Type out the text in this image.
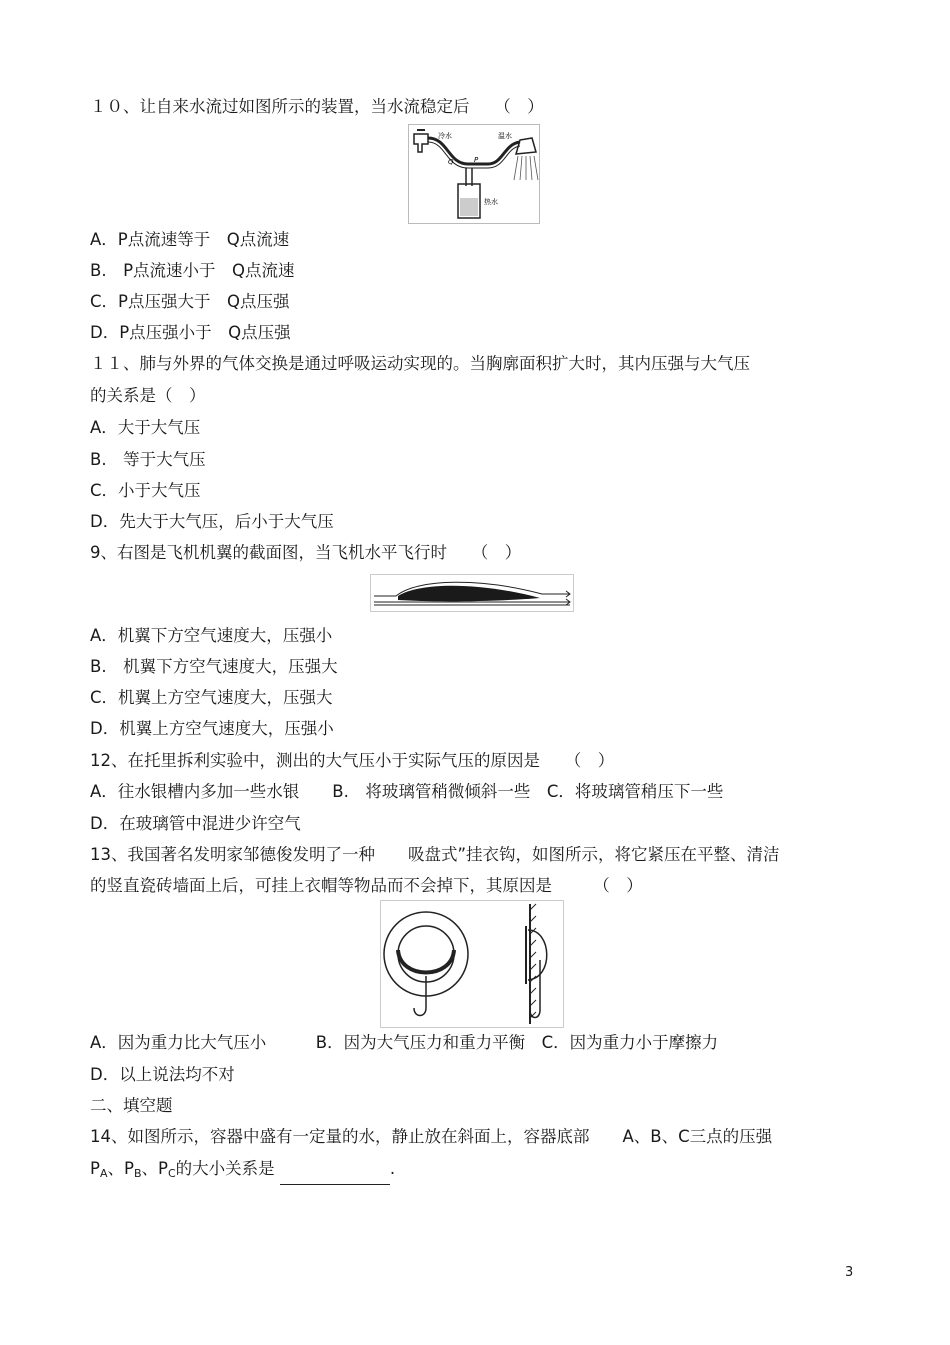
１０、让自来水流过如图所示的装置，当水流稳定后　　（　）
冷水	温水
热水
P
Q
A．P点流速等于　Q点流速
B.　P点流速小于　Q点流速
C．P点压强大于　Q点压强
D．P点压强小于　Q点压强
１１、肺与外界的气体交换是通过呼吸运动实现的。当胸廓面积扩大时，其内压强与大气压
的关系是（　）
A．大于大气压
B.　等于大气压
C．小于大气压
D．先大于大气压，后小于大气压
9、右图是飞机机翼的截面图，当飞机水平飞行时　　（　）
A．机翼下方空气速度大，压强小
B.　机翼下方空气速度大，压强大
C．机翼上方空气速度大，压强大
D．机翼上方空气速度大，压强小
12、在托里拆利实验中，测出的大气压小于实际气压的原因是　　（　）
A．往水银槽内多加一些水银　　B.　将玻璃管稍微倾斜一些　C．将玻璃管稍压下一些
D．在玻璃管中混进少许空气
13、我国著名发明家邹德俊发明了一种　　吸盘式”挂衣钩，如图所示，将它紧压在平整、清洁
的竖直瓷砖墙面上后，可挂上衣帽等物品而不会掉下，其原因是　　　（　）
A．因为重力比大气压小　　　B．因为大气压力和重力平衡　C．因为重力小于摩擦力
D．以上说法均不对
二、填空题
14、如图所示，容器中盛有一定量的水，静止放在斜面上，容器底部　　A、B、C三点的压强
$P_A$、$P_B$、$P_C$的大小关系是	.
3
